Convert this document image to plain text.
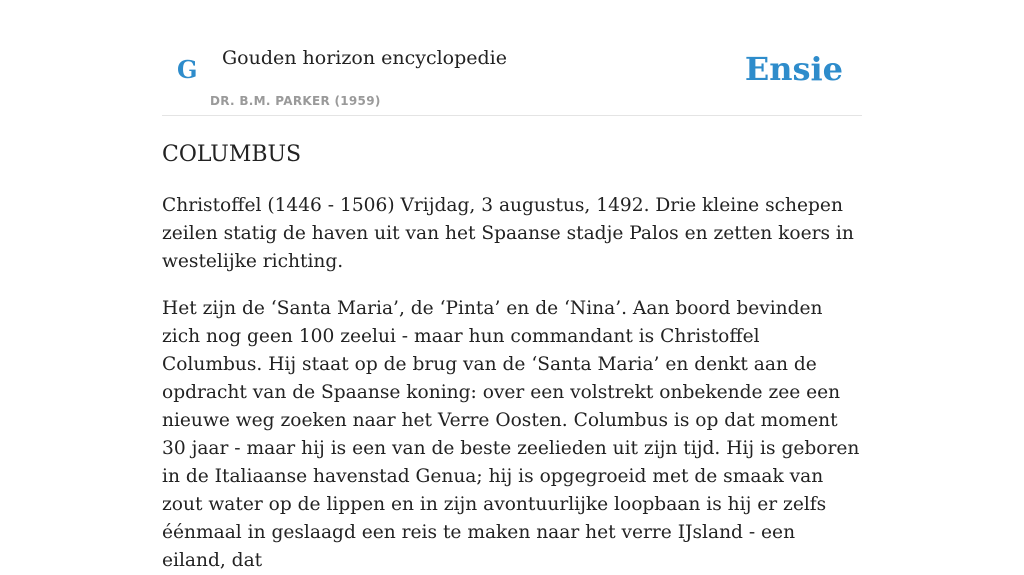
G Gouden horizon encyclopedie
DR. B.M. PARKER (1959)
Ensie
COLUMBUS

Christoffel (1446 - 1506) Vrijdag, 3 augustus, 1492. Drie kleine schepen zeilen statig de haven uit van het Spaanse stadje Palos en zetten koers in westelijke richting.

Het zijn de ‘Santa Maria’, de ‘Pinta’ en de ‘Nina’. Aan boord bevinden zich nog geen 100 zeelui - maar hun commandant is Christoffel Columbus. Hij staat op de brug van de ‘Santa Maria’ en denkt aan de opdracht van de Spaanse koning: over een volstrekt onbekende zee een nieuwe weg zoeken naar het Verre Oosten. Columbus is op dat moment 30 jaar - maar hij is een van de beste zeelieden uit zijn tijd. Hij is geboren in de Italiaanse havenstad Genua; hij is opgegroeid met de smaak van zout water op de lippen en in zijn avontuurlijke loopbaan is hij er zelfs éénmaal in geslaagd een reis te maken naar het verre IJsland - een eiland, dat
